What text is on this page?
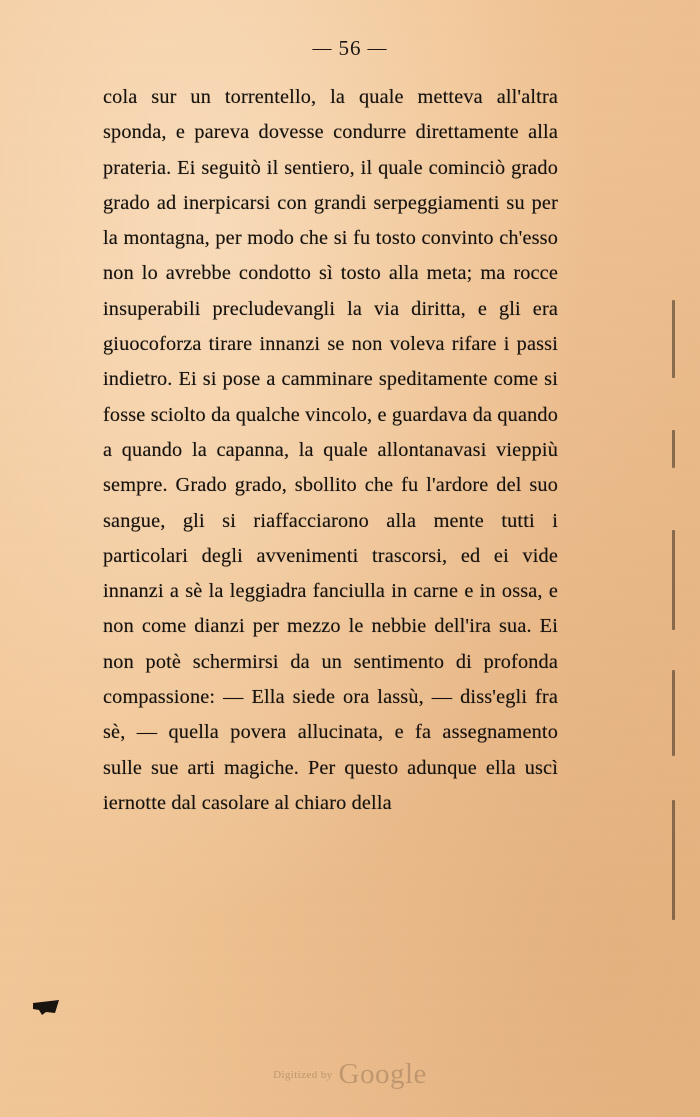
— 56 —

cola sur un torrentello, la quale metteva all'altra sponda, e pareva dovesse condurre direttamente alla prateria. Ei seguitò il sentiero, il quale cominciò grado grado ad inerpicarsi con grandi serpeggiamenti su per la montagna, per modo che si fu tosto convinto ch'esso non lo avrebbe condotto sì tosto alla meta; ma rocce insuperabili precludevangli la via diritta, e gli era giuocoforza tirare innanzi se non voleva rifare i passi indietro. Ei si pose a camminare speditamente come si fosse sciolto da qualche vincolo, e guardava da quando a quando la capanna, la quale allontanavasi vieppiù sempre. Grado grado, sbollito che fu l'ardore del suo sangue, gli si riaffacciarono alla mente tutti i particolari degli avvenimenti trascorsi, ed ei vide innanzi a sè la leggiadra fanciulla in carne e in ossa, e non come dianzi per mezzo le nebbie dell'ira sua. Ei non potè schermirsi da un sentimento di profonda compassione: — Ella siede ora lassù, — diss'egli fra sè, — quella povera allucinata, e fa assegnamento sulle sue arti magiche. Per questo adunque ella uscì iernotte dal casolare al chiaro della

Digitized by Google
